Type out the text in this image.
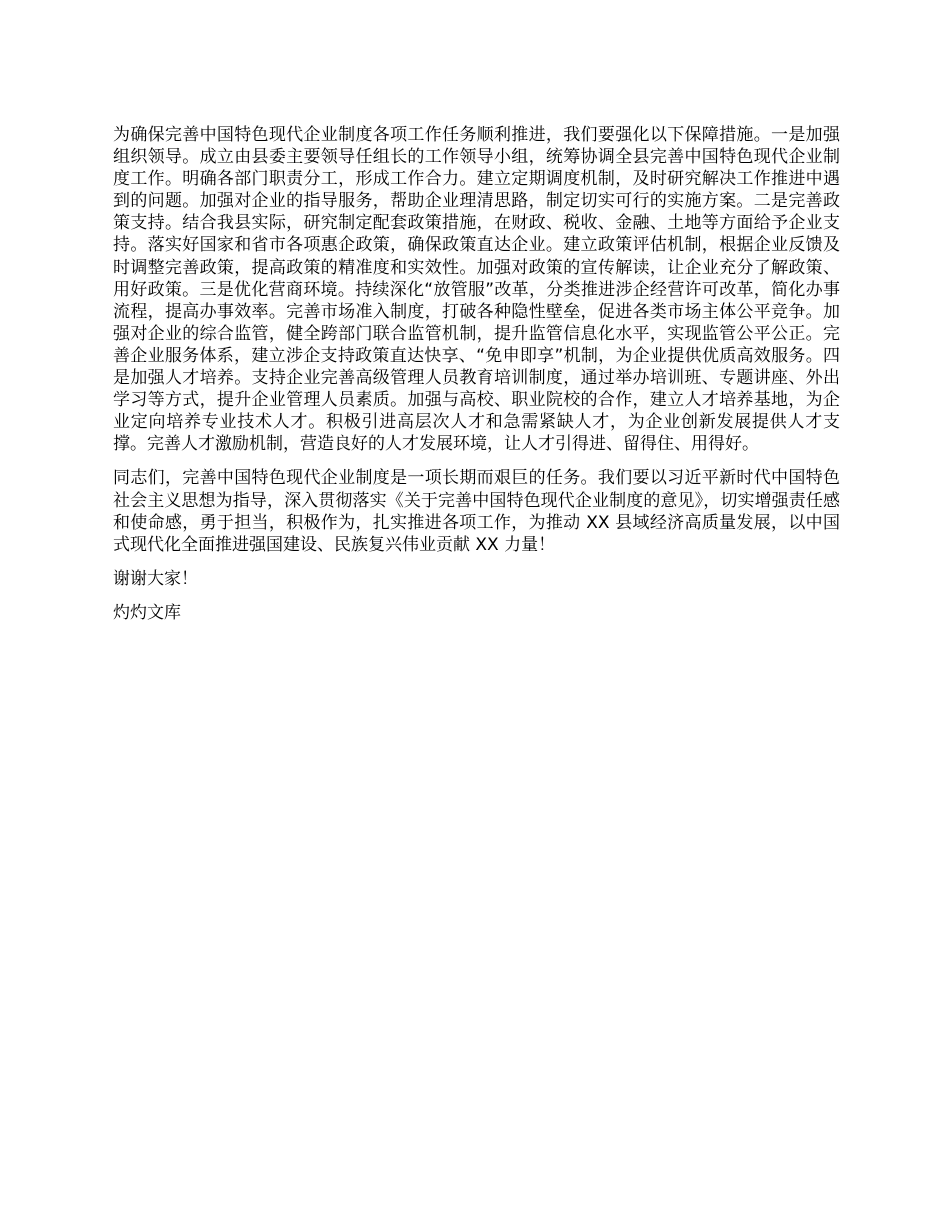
为确保完善中国特色现代企业制度各项工作任务顺利推进，我们要强化以下保障措施。一是加强组织领导。成立由县委主要领导任组长的工作领导小组，统筹协调全县完善中国特色现代企业制度工作。明确各部门职责分工，形成工作合力。建立定期调度机制，及时研究解决工作推进中遇到的问题。加强对企业的指导服务，帮助企业理清思路，制定切实可行的实施方案。二是完善政策支持。结合我县实际，研究制定配套政策措施，在财政、税收、金融、土地等方面给予企业支持。落实好国家和省市各项惠企政策，确保政策直达企业。建立政策评估机制，根据企业反馈及时调整完善政策，提高政策的精准度和实效性。加强对政策的宣传解读，让企业充分了解政策、用好政策。三是优化营商环境。持续深化“放管服”改革，分类推进涉企经营许可改革，简化办事流程，提高办事效率。完善市场准入制度，打破各种隐性壁垒，促进各类市场主体公平竞争。加强对企业的综合监管，健全跨部门联合监管机制，提升监管信息化水平，实现监管公平公正。完善企业服务体系，建立涉企支持政策直达快享、“免申即享”机制，为企业提供优质高效服务。四是加强人才培养。支持企业完善高级管理人员教育培训制度，通过举办培训班、专题讲座、外出学习等方式，提升企业管理人员素质。加强与高校、职业院校的合作，建立人才培养基地，为企业定向培养专业技术人才。积极引进高层次人才和急需紧缺人才，为企业创新发展提供人才支撑。完善人才激励机制，营造良好的人才发展环境，让人才引得进、留得住、用得好。

同志们，完善中国特色现代企业制度是一项长期而艰巨的任务。我们要以习近平新时代中国特色社会主义思想为指导，深入贯彻落实《关于完善中国特色现代企业制度的意见》，切实增强责任感和使命感，勇于担当，积极作为，扎实推进各项工作，为推动 XX 县域经济高质量发展，以中国式现代化全面推进强国建设、民族复兴伟业贡献 XX 力量！

谢谢大家！

灼灼文库
